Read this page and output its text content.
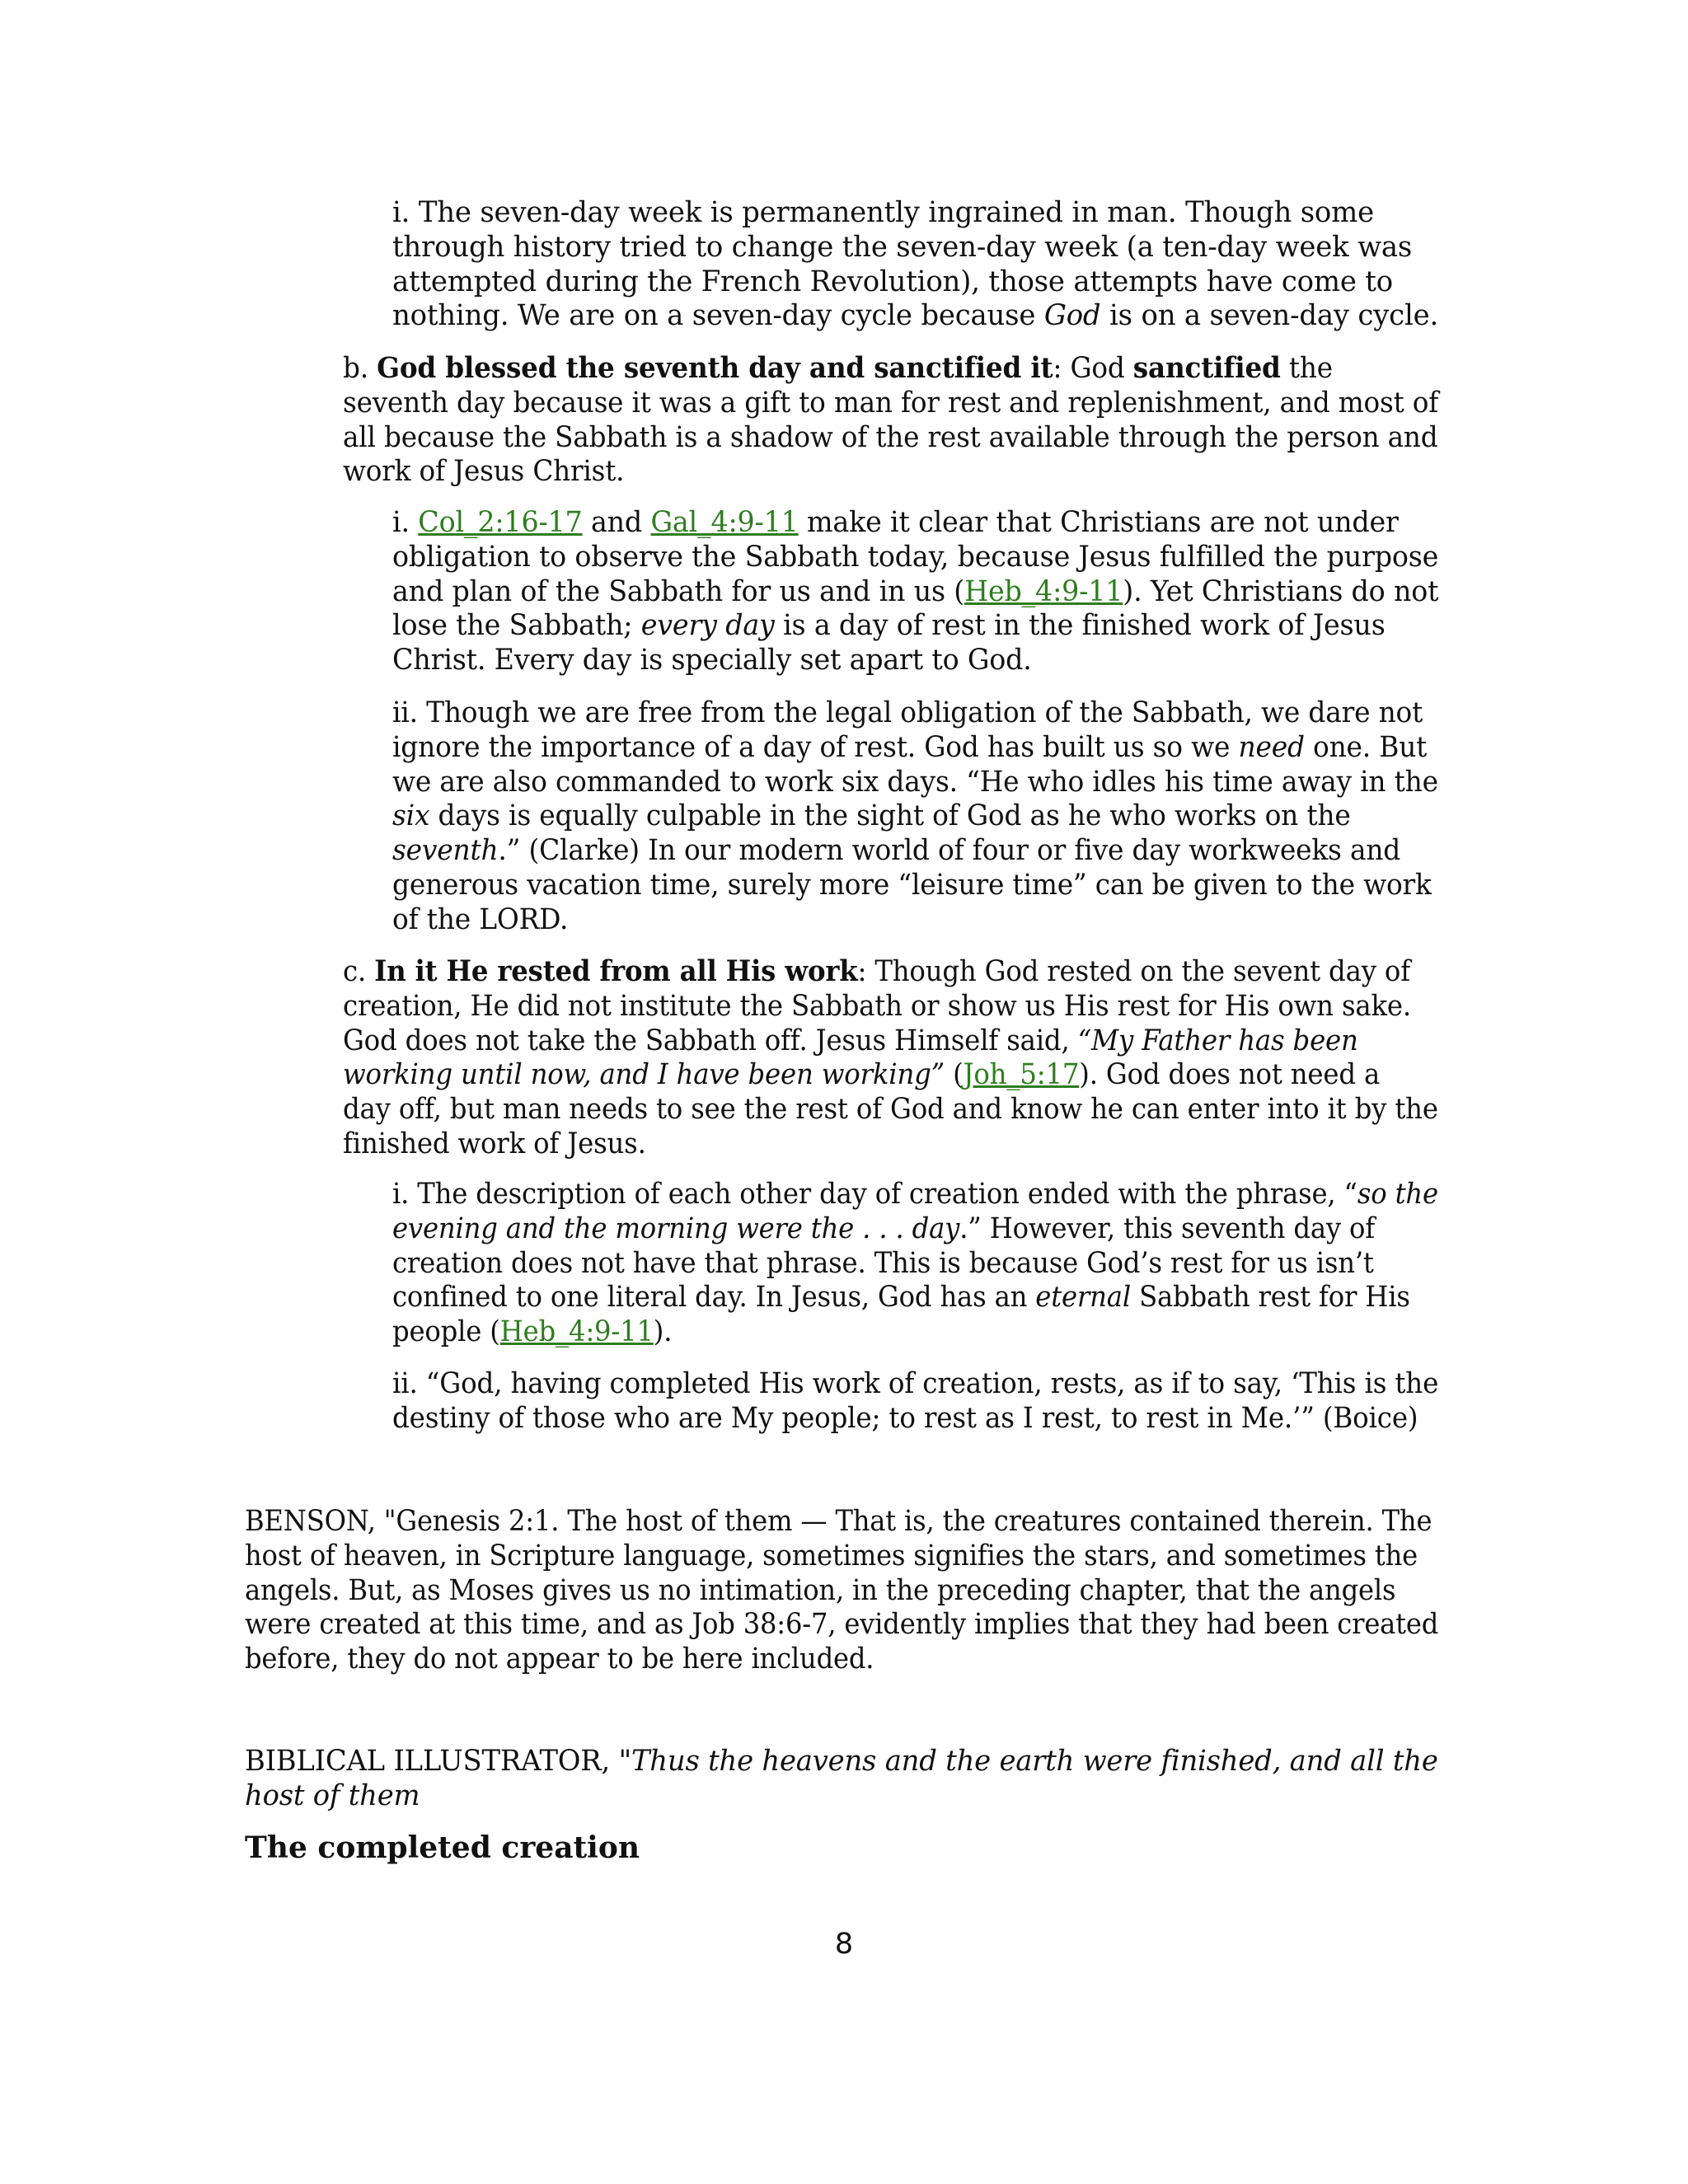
i. The seven-day week is permanently ingrained in man. Though some
through history tried to change the seven-day week (a ten-day week was
attempted during the French Revolution), those attempts have come to
nothing. We are on a seven-day cycle because God is on a seven-day cycle.
b. God blessed the seventh day and sanctified it: God sanctified the
seventh day because it was a gift to man for rest and replenishment, and most of
all because the Sabbath is a shadow of the rest available through the person and
work of Jesus Christ.
i. Col_2:16-17 and Gal_4:9-11 make it clear that Christians are not under
obligation to observe the Sabbath today, because Jesus fulfilled the purpose
and plan of the Sabbath for us and in us (Heb_4:9-11). Yet Christians do not
lose the Sabbath; every day is a day of rest in the finished work of Jesus
Christ. Every day is specially set apart to God.
ii. Though we are free from the legal obligation of the Sabbath, we dare not
ignore the importance of a day of rest. God has built us so we need one. But
we are also commanded to work six days. “He who idles his time away in the
six days is equally culpable in the sight of God as he who works on the
seventh.” (Clarke) In our modern world of four or five day workweeks and
generous vacation time, surely more “leisure time” can be given to the work
of the LORD.
c. In it He rested from all His work: Though God rested on the sevent day of
creation, He did not institute the Sabbath or show us His rest for His own sake.
God does not take the Sabbath off. Jesus Himself said, “My Father has been
working until now, and I have been working” (Joh_5:17). God does not need a
day off, but man needs to see the rest of God and know he can enter into it by the
finished work of Jesus.
i. The description of each other day of creation ended with the phrase, “so the
evening and the morning were the . . . day.” However, this seventh day of
creation does not have that phrase. This is because God’s rest for us isn’t
confined to one literal day. In Jesus, God has an eternal Sabbath rest for His
people (Heb_4:9-11).
ii. “God, having completed His work of creation, rests, as if to say, ‘This is the
destiny of those who are My people; to rest as I rest, to rest in Me.’” (Boice)
BENSON, "Genesis 2:1. The host of them — That is, the creatures contained therein. The
host of heaven, in Scripture language, sometimes signifies the stars, and sometimes the
angels. But, as Moses gives us no intimation, in the preceding chapter, that the angels
were created at this time, and as Job 38:6-7, evidently implies that they had been created
before, they do not appear to be here included.
BIBLICAL ILLUSTRATOR, "Thus the heavens and the earth were finished, and all the
host of them
The completed creation
8
